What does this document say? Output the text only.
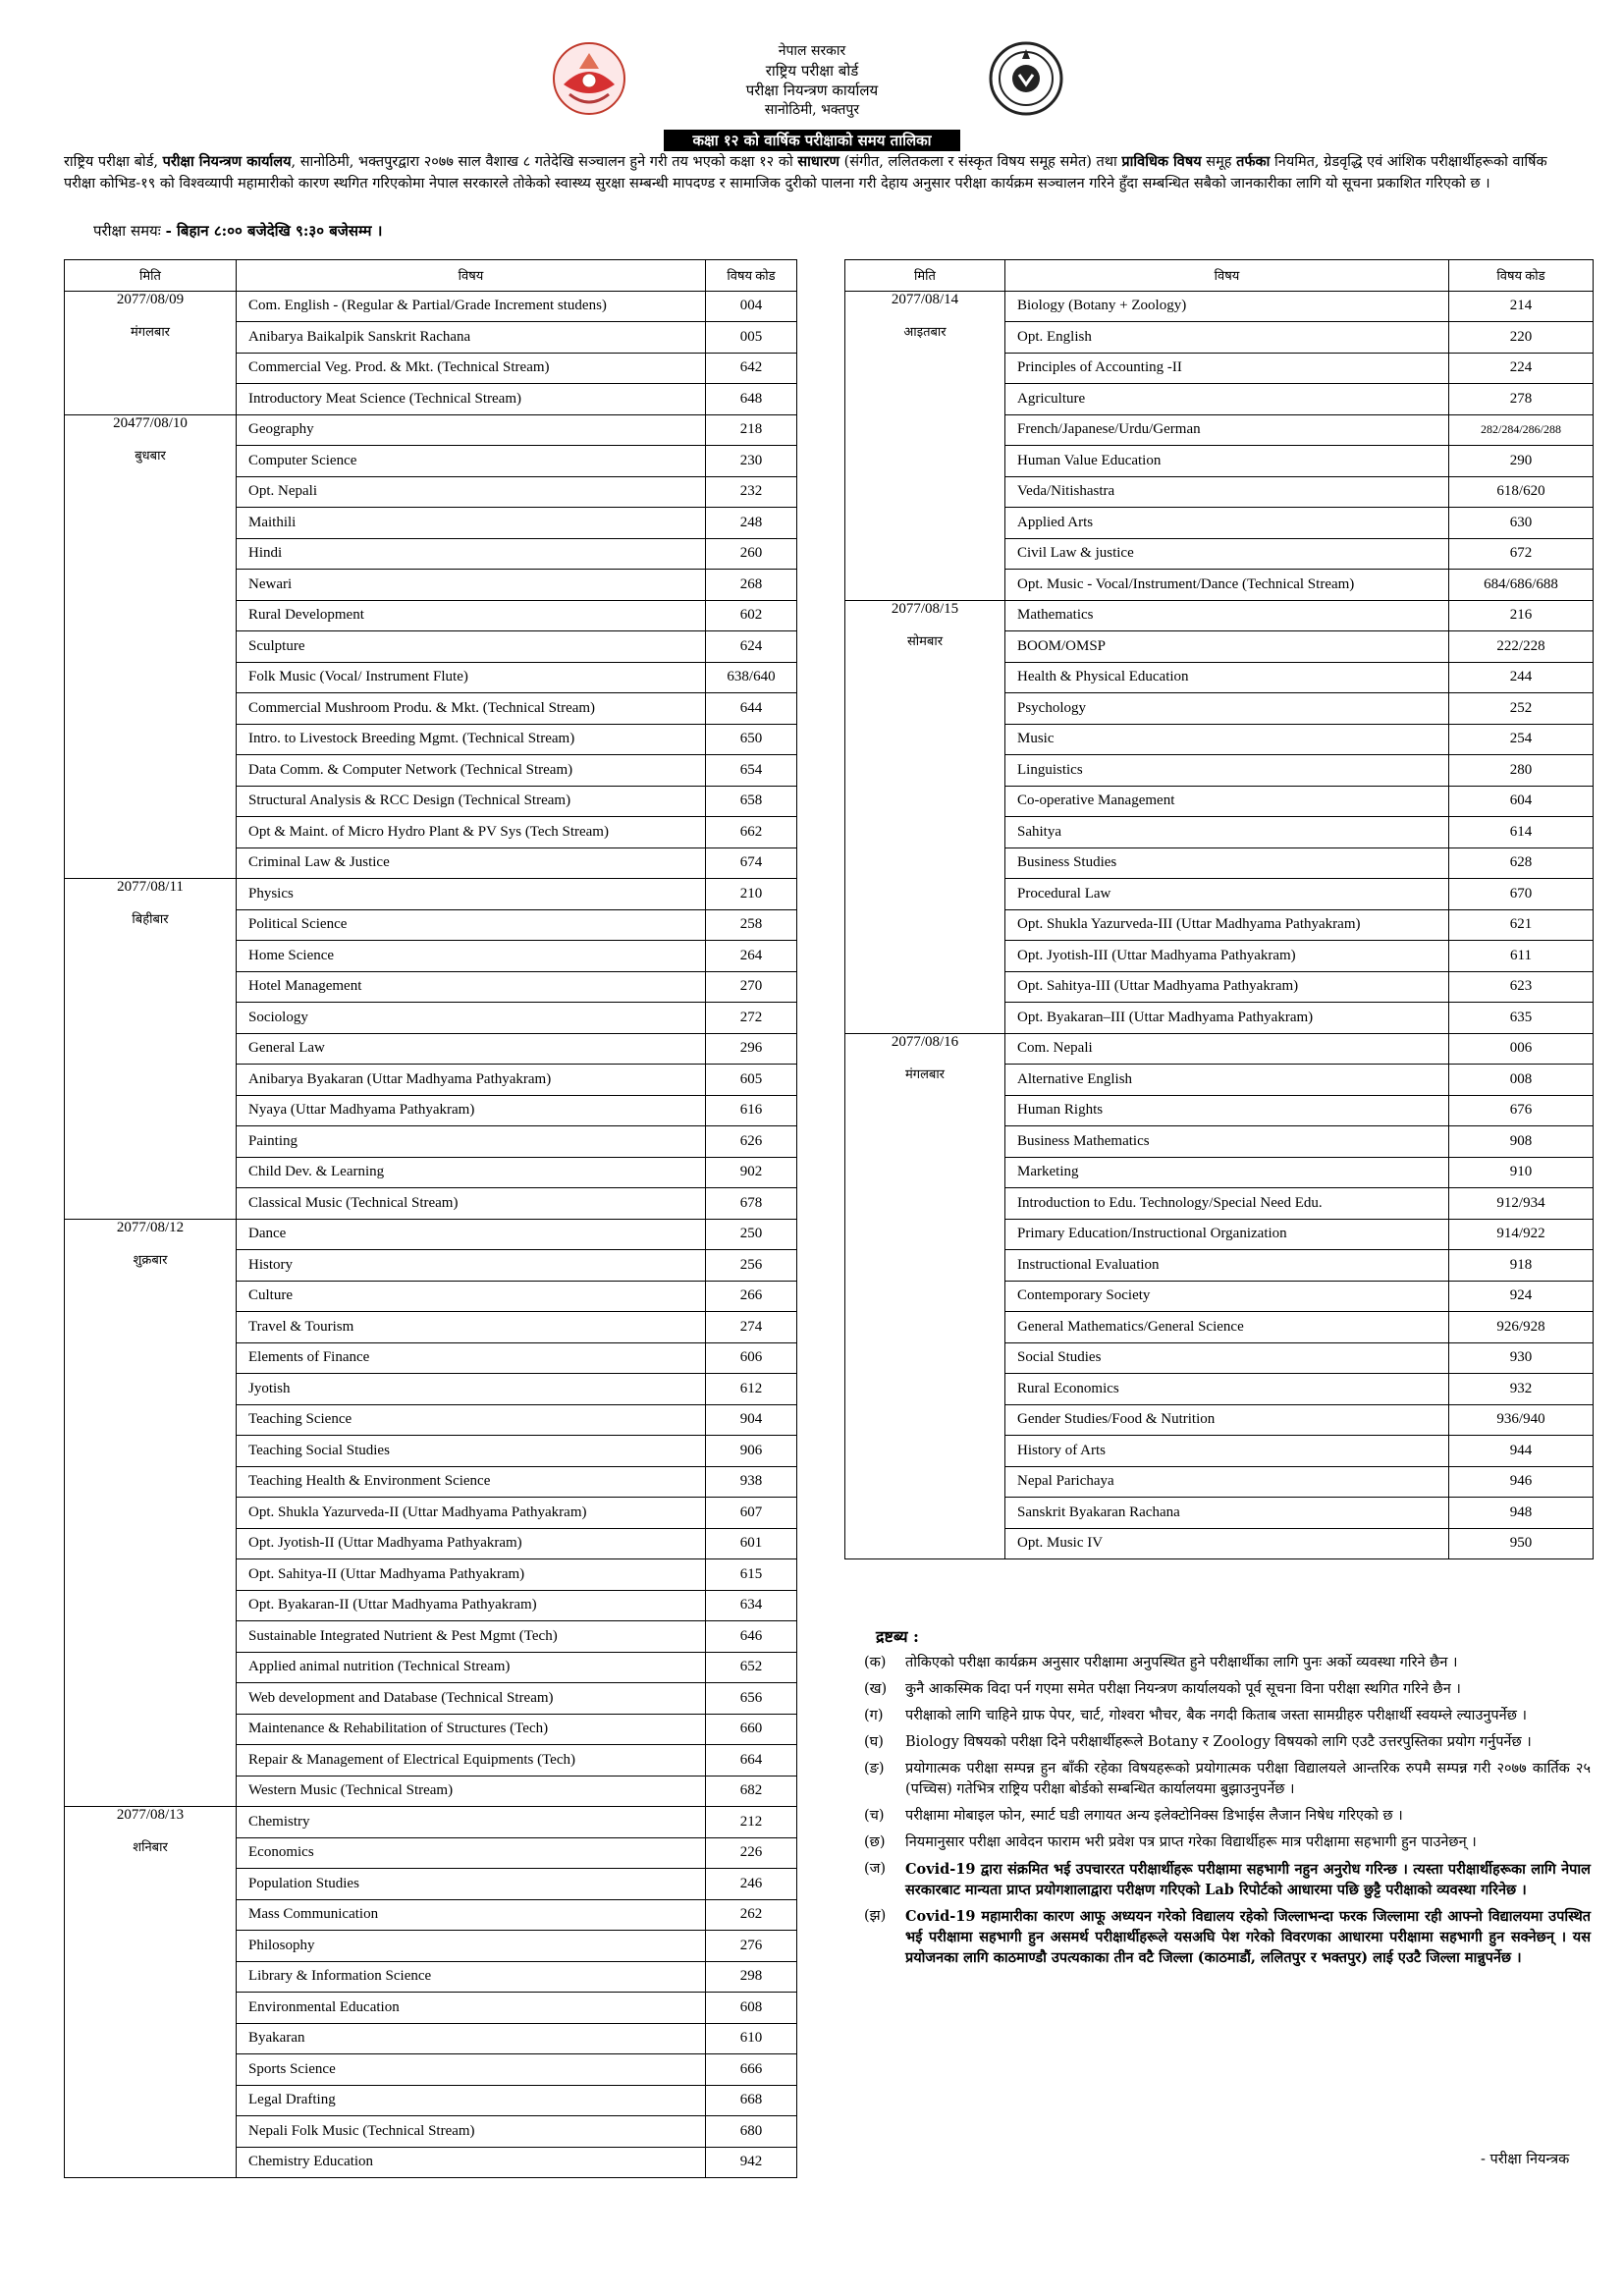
नेपाल सरकार
राष्ट्रिय परीक्षा बोर्ड
परीक्षा नियन्त्रण कार्यालय
सानोठिमी, भक्तपुर
कक्षा १२ को वार्षिक परीक्षाको समय तालिका
राष्ट्रिय परीक्षा बोर्ड, परीक्षा नियन्त्रण कार्यालय, सानोठिमी, भक्तपुरद्वारा २०७७ साल वैशाख ८ गतेदेखि सञ्चालन हुने गरी तय भएको कक्षा १२ को साधारण (संगीत, ललितकला र संस्कृत विषय समूह समेत) तथा प्राविधिक विषय समूह तर्फका नियमित, ग्रेडवृद्धि एवं आंशिक परीक्षार्थीहरूको वार्षिक परीक्षा कोभिड-१९ को विश्वव्यापी महामारीको कारण स्थगित गरिएकोमा नेपाल सरकारले तोकेको स्वास्थ्य सुरक्षा सम्बन्धी मापदण्ड र सामाजिक दुरीको पालना गरी देहाय अनुसार परीक्षा कार्यक्रम सञ्चालन गरिने हुँदा सम्बन्धित सबैको जानकारीका लागि यो सूचना प्रकाशित गरिएको छ ।
परीक्षा समयः - बिहान ८:०० बजेदेखि ९:३० बजेसम्म ।
मिति	विषय	विषय कोड
2077/08/09	Com. English - (Regular & Partial/Grade Increment studens)	004
मंगलबार	Anibarya Baikalpik Sanskrit Rachana	005
	Commercial Veg. Prod. & Mkt. (Technical Stream)	642
	Introductory Meat Science (Technical Stream)	648
20477/08/10	Geography	218
बुधबार	Computer Science	230
	Opt. Nepali	232
	Maithili	248
	Hindi	260
	Newari	268
	Rural Development	602
	Sculpture	624
	Folk Music (Vocal/ Instrument Flute)	638/640
	Commercial Mushroom Produ. & Mkt. (Technical Stream)	644
	Intro. to Livestock Breeding Mgmt. (Technical Stream)	650
	Data Comm. & Computer Network (Technical Stream)	654
	Structural Analysis & RCC Design (Technical Stream)	658
	Opt & Maint. of Micro Hydro Plant & PV Sys (Tech Stream)	662
	Criminal Law & Justice	674
2077/08/11	Physics	210
बिहीबार	Political Science	258
	Home Science	264
	Hotel Management	270
	Sociology	272
	General Law	296
	Anibarya Byakaran (Uttar Madhyama Pathyakram)	605
	Nyaya (Uttar Madhyama Pathyakram)	616
	Painting	626
	Child Dev. & Learning	902
	Classical Music (Technical Stream)	678
2077/08/12	Dance	250
शुक्रबार	History	256
	Culture	266
	Travel & Tourism	274
	Elements of Finance	606
	Jyotish	612
	Teaching Science	904
	Teaching Social Studies	906
	Teaching Health & Environment Science	938
	Opt. Shukla Yazurveda-II (Uttar Madhyama Pathyakram)	607
	Opt. Jyotish-II (Uttar Madhyama Pathyakram)	601
	Opt. Sahitya-II (Uttar Madhyama Pathyakram)	615
	Opt. Byakaran-II (Uttar Madhyama Pathyakram)	634
	Sustainable Integrated Nutrient & Pest Mgmt (Tech)	646
	Applied animal nutrition (Technical Stream)	652
	Web development and Database (Technical Stream)	656
	Maintenance & Rehabilitation of Structures (Tech)	660
	Repair & Management of Electrical Equipments (Tech)	664
	Western Music (Technical Stream)	682
2077/08/13	Chemistry	212
शनिबार	Economics	226
	Population Studies	246
	Mass Communication	262
	Philosophy	276
	Library & Information Science	298
	Environmental Education	608
	Byakaran	610
	Sports Science	666
	Legal Drafting	668
	Nepali Folk Music (Technical Stream)	680
	Chemistry Education	942
मिति	विषय	विषय कोड
2077/08/14	Biology (Botany + Zoology)	214
आइतबार	Opt. English	220
	Principles of Accounting -II	224
	Agriculture	278
	French/Japanese/Urdu/German	282/284/286/288
	Human Value Education	290
	Veda/Nitishastra	618/620
	Applied Arts	630
	Civil Law & justice	672
	Opt. Music - Vocal/Instrument/Dance (Technical Stream)	684/686/688
2077/08/15	Mathematics	216
सोमबार	BOOM/OMSP	222/228
	Health & Physical Education	244
	Psychology	252
	Music	254
	Linguistics	280
	Co-operative Management	604
	Sahitya	614
	Business Studies	628
	Procedural Law	670
	Opt. Shukla Yazurveda-III (Uttar Madhyama Pathyakram)	621
	Opt. Jyotish-III (Uttar Madhyama Pathyakram)	611
	Opt. Sahitya-III (Uttar Madhyama Pathyakram)	623
	Opt. Byakaran–III (Uttar Madhyama Pathyakram)	635
2077/08/16	Com. Nepali	006
मंगलबार	Alternative English	008
	Human Rights	676
	Business Mathematics	908
	Marketing	910
	Introduction to Edu. Technology/Special Need Edu.	912/934
	Primary Education/Instructional Organization	914/922
	Instructional Evaluation	918
	Contemporary Society	924
	General Mathematics/General Science	926/928
	Social Studies	930
	Rural Economics	932
	Gender Studies/Food & Nutrition	936/940
	History of Arts	944
	Nepal Parichaya	946
	Sanskrit Byakaran Rachana	948
	Opt. Music IV	950
द्रष्टब्य :
(क)	तोकिएको परीक्षा कार्यक्रम अनुसार परीक्षामा अनुपस्थित हुने परीक्षार्थीका लागि पुनः अर्को व्यवस्था गरिने छैन ।
(ख)	कुनै आकस्मिक विदा पर्न गएमा समेत परीक्षा नियन्त्रण कार्यालयको पूर्व सूचना विना परीक्षा स्थगित गरिने छैन ।
(ग)	परीक्षाको लागि चाहिने ग्राफ पेपर, चार्ट, गोश्वरा भौचर, बैक नगदी किताब जस्ता सामग्रीहरु परीक्षार्थी स्वयम्ले ल्याउनुपर्नेछ ।
(घ)	Biology विषयको परीक्षा दिने परीक्षार्थीहरूले Botany र Zoology विषयको लागि एउटै उत्तरपुस्तिका प्रयोग गर्नुपर्नेछ ।
(ङ)	प्रयोगात्मक परीक्षा सम्पन्न हुन बाँकी रहेका विषयहरूको प्रयोगात्मक परीक्षा विद्यालयले आन्तरिक रुपमै सम्पन्न गरी २०७७ कार्तिक २५ (पच्चिस) गतेभित्र राष्ट्रिय परीक्षा बोर्डको सम्बन्धित कार्यालयमा बुझाउनुपर्नेछ ।
(च)	परीक्षामा मोबाइल फोन, स्मार्ट घडी लगायत अन्य इलेक्टोनिक्स डिभाईस लैजान निषेध गरिएको छ ।
(छ)	नियमानुसार परीक्षा आवेदन फाराम भरी प्रवेश पत्र प्राप्त गरेका विद्यार्थीहरू मात्र परीक्षामा सहभागी हुन पाउनेछन् ।
(ज)	Covid-19 द्वारा संक्रमित भई उपचाररत परीक्षार्थीहरू परीक्षामा सहभागी नहुन अनुरोध गरिन्छ । त्यस्ता परीक्षार्थीहरूका लागि नेपाल सरकारबाट मान्यता प्राप्त प्रयोगशालाद्वारा परीक्षण गरिएको Lab रिपोर्टको आधारमा पछि छुट्टै परीक्षाको व्यवस्था गरिनेछ ।
(झ)	Covid-19 महामारीका कारण आफू अध्ययन गरेको विद्यालय रहेको जिल्लाभन्दा फरक जिल्लामा रही आफ्नो विद्यालयमा उपस्थित भई परीक्षामा सहभागी हुन असमर्थ परीक्षार्थीहरूले यसअघि पेश गरेको विवरणका आधारमा परीक्षामा सहभागी हुन सक्नेछन् । यस प्रयोजनका लागि काठमाण्डौ उपत्यकाका तीन वटै जिल्ला (काठमाडौं, ललितपुर र भक्तपुर) लाई एउटै जिल्ला मान्नुपर्नेछ ।
- परीक्षा नियन्त्रक
